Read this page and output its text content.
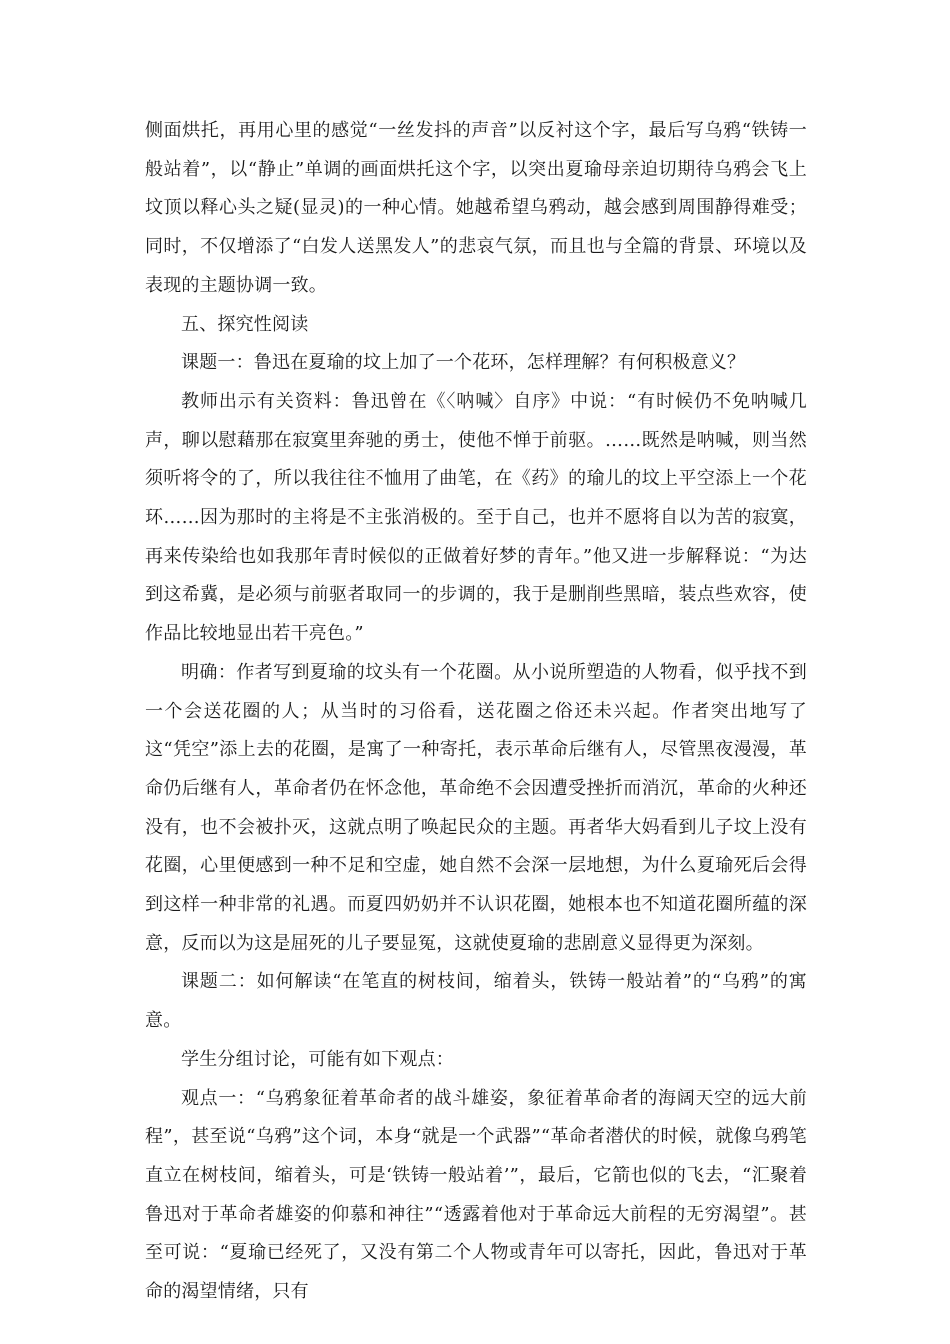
侧面烘托，再用心里的感觉“一丝发抖的声音”以反衬这个字，最后写乌鸦“铁铸一般站着”，以“静止”单调的画面烘托这个字，以突出夏瑜母亲迫切期待乌鸦会飞上坟顶以释心头之疑(显灵)的一种心情。她越希望乌鸦动，越会感到周围静得难受；同时，不仅增添了“白发人送黑发人”的悲哀气氛，而且也与全篇的背景、环境以及表现的主题协调一致。

五、探究性阅读

课题一：鲁迅在夏瑜的坟上加了一个花环，怎样理解？有何积极意义？

教师出示有关资料：鲁迅曾在《〈呐喊〉自序》中说：“有时候仍不免呐喊几声，聊以慰藉那在寂寞里奔驰的勇士，使他不惮于前驱。……既然是呐喊，则当然须听将令的了，所以我往往不恤用了曲笔，在《药》的瑜儿的坟上平空添上一个花环……因为那时的主将是不主张消极的。至于自己，也并不愿将自以为苦的寂寞，再来传染给也如我那年青时候似的正做着好梦的青年。”他又进一步解释说：“为达到这希冀，是必须与前驱者取同一的步调的，我于是删削些黑暗，装点些欢容，使作品比较地显出若干亮色。”

明确：作者写到夏瑜的坟头有一个花圈。从小说所塑造的人物看，似乎找不到一个会送花圈的人；从当时的习俗看，送花圈之俗还未兴起。作者突出地写了这“凭空”添上去的花圈，是寓了一种寄托，表示革命后继有人，尽管黑夜漫漫，革命仍后继有人，革命者仍在怀念他，革命绝不会因遭受挫折而消沉，革命的火种还没有，也不会被扑灭，这就点明了唤起民众的主题。再者华大妈看到儿子坟上没有花圈，心里便感到一种不足和空虚，她自然不会深一层地想，为什么夏瑜死后会得到这样一种非常的礼遇。而夏四奶奶并不认识花圈，她根本也不知道花圈所蕴的深意，反而以为这是屈死的儿子要显冤，这就使夏瑜的悲剧意义显得更为深刻。

课题二：如何解读“在笔直的树枝间，缩着头，铁铸一般站着”的“乌鸦”的寓意。

学生分组讨论，可能有如下观点：

观点一：“乌鸦象征着革命者的战斗雄姿，象征着革命者的海阔天空的远大前程”，甚至说“乌鸦”这个词，本身“就是一个武器”“革命者潜伏的时候，就像乌鸦笔直立在树枝间，缩着头，可是‘铁铸一般站着’”，最后，它箭也似的飞去，“汇聚着鲁迅对于革命者雄姿的仰慕和神往”“透露着他对于革命远大前程的无穷渴望”。甚至可说：“夏瑜已经死了，又没有第二个人物或青年可以寄托，因此，鲁迅对于革命的渴望情绪，只有
